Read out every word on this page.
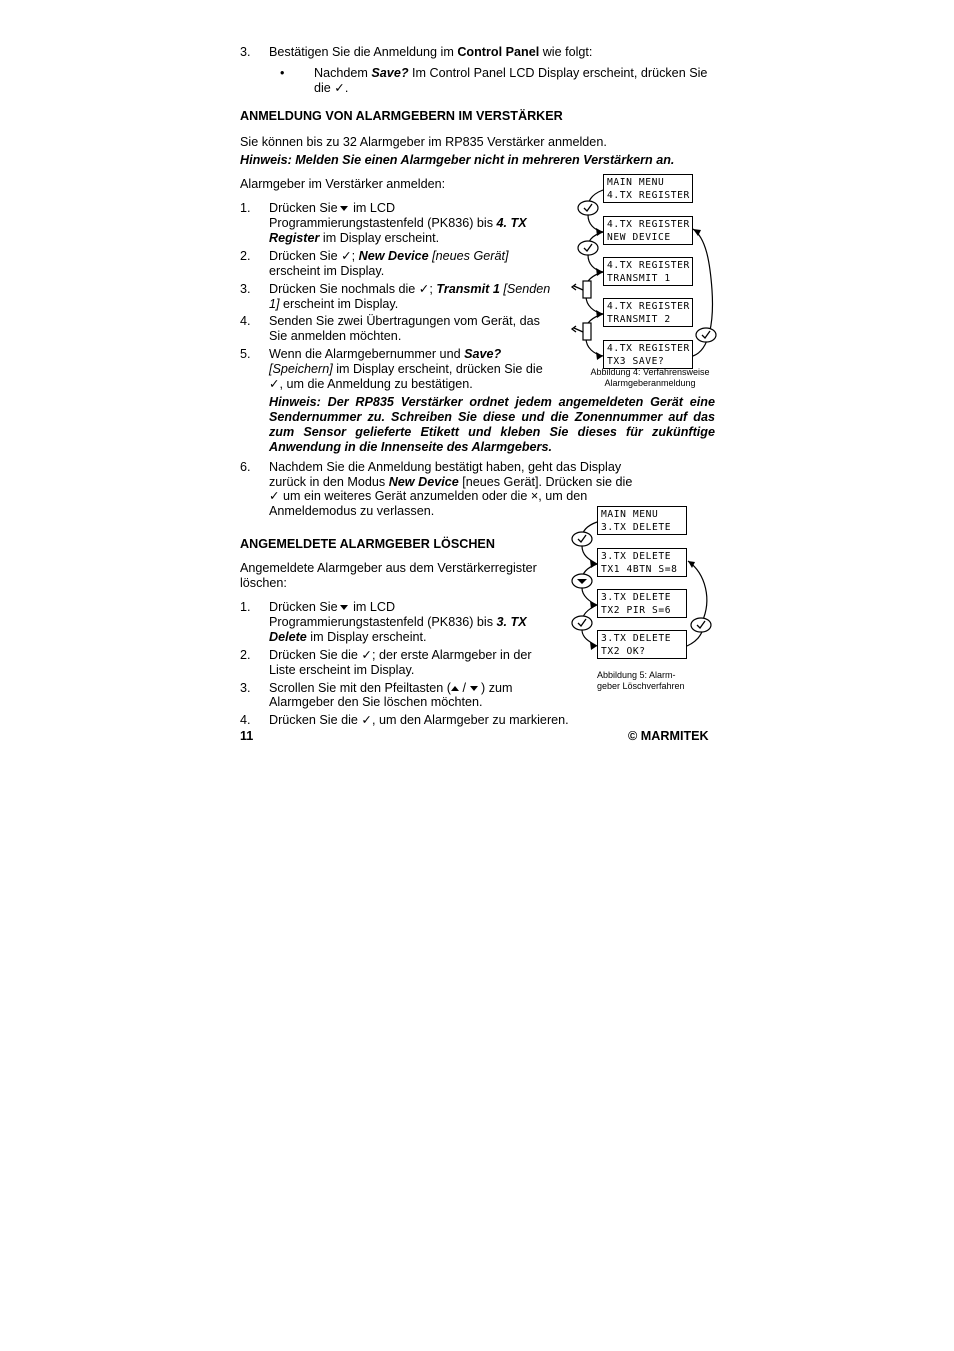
3. Bestätigen Sie die Anmeldung im Control Panel wie folgt:
• Nachdem Save? Im Control Panel LCD Display erscheint, drücken Sie
die ✓.
ANMELDUNG VON ALARMGEBERN IM VERSTÄRKER
Sie können bis zu 32 Alarmgeber im RP835 Verstärker anmelden.
Hinweis: Melden Sie einen Alarmgeber nicht in mehreren Verstärkern an.
Alarmgeber im Verstärker anmelden:
1. Drücken Sie im LCD
Programmierungstastenfeld (PK836) bis 4. TX
Register im Display erscheint.
2. Drücken Sie ✓; New Device [neues Gerät]
erscheint im Display.
3. Drücken Sie nochmals die ✓; Transmit 1 [Senden
1] erscheint im Display.
4. Senden Sie zwei Übertragungen vom Gerät, das
Sie anmelden möchten.
5. Wenn die Alarmgebernummer und Save?
[Speichern] im Display erscheint, drücken Sie die
✓, um die Anmeldung zu bestätigen.
Hinweis: Der RP835 Verstärker ordnet jedem angemeldeten Gerät eine Sendernummer zu. Schreiben Sie diese und die Zonennummer auf das zum Sensor gelieferte Etikett und kleben Sie dieses für zukünftige Anwendung in die Innenseite des Alarmgebers.
6. Nachdem Sie die Anmeldung bestätigt haben, geht das Display
zurück in den Modus New Device [neues Gerät]. Drücken sie die
✓ um ein weiteres Gerät anzumelden oder die ×, um den
Anmeldemodus zu verlassen.
MAIN MENU
4.TX REGISTER
4.TX REGISTER
NEW DEVICE
4.TX REGISTER
TRANSMIT 1
4.TX REGISTER
TRANSMIT 2
4.TX REGISTER
TX3 SAVE?
Abbildung 4: Verfahrensweise
Alarmgeberanmeldung
ANGEMELDETE ALARMGEBER LÖSCHEN
Angemeldete Alarmgeber aus dem Verstärkerregister
löschen:
1. Drücken Sie im LCD
Programmierungstastenfeld (PK836) bis 3. TX
Delete im Display erscheint.
2. Drücken Sie die ✓; der erste Alarmgeber in der
Liste erscheint im Display.
3. Scrollen Sie mit den Pfeiltasten ( /  ) zum
Alarmgeber den Sie löschen möchten.
4. Drücken Sie die ✓, um den Alarmgeber zu markieren.
MAIN MENU
3.TX DELETE
3.TX DELETE
TX1 4BTN S=8
3.TX DELETE
TX2 PIR S=6
3.TX DELETE
TX2 OK?
Abbildung 5: Alarm-
geber Löschverfahren
11	© MARMITEK
